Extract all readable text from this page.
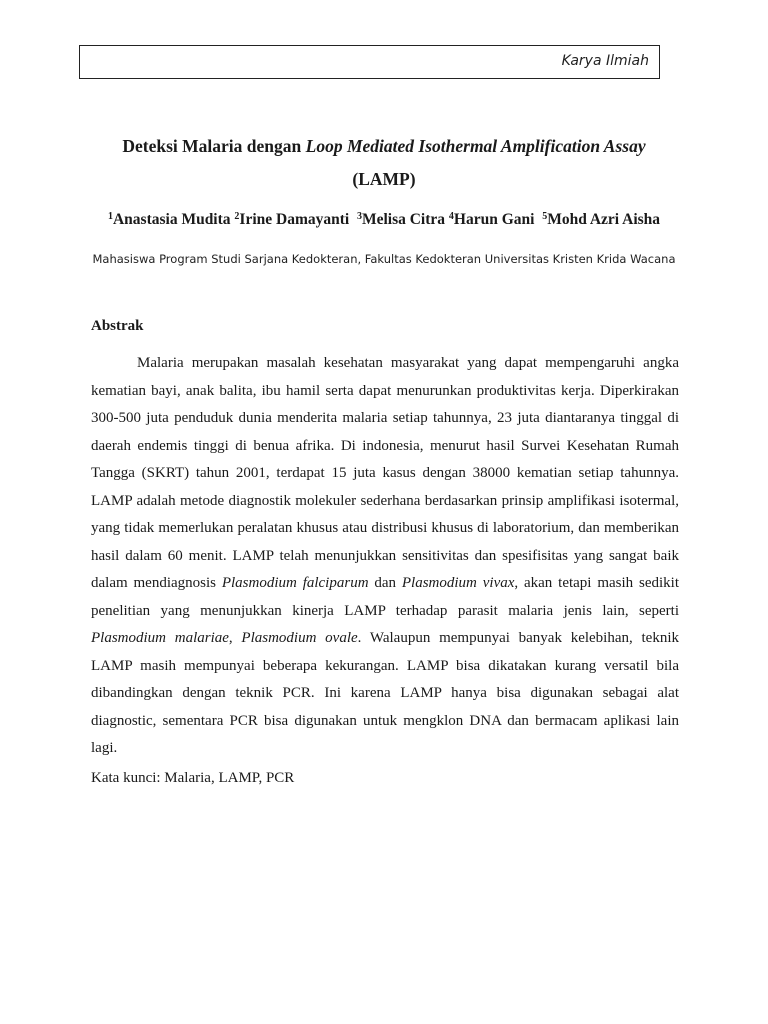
Karya Ilmiah
Deteksi Malaria dengan Loop Mediated Isothermal Amplification Assay
(LAMP)
$^1$Anastasia Mudita $^2$Irine Damayanti $^3$Melisa Citra $^4$Harun Gani $^5$Mohd Azri Aisha
Mahasiswa Program Studi Sarjana Kedokteran, Fakultas Kedokteran Universitas Kristen Krida Wacana
Abstrak

Malaria merupakan masalah kesehatan masyarakat yang dapat mempengaruhi angka kematian bayi, anak balita, ibu hamil serta dapat menurunkan produktivitas kerja. Diperkirakan 300-500 juta penduduk dunia menderita malaria setiap tahunnya, 23 juta diantaranya tinggal di daerah endemis tinggi di benua afrika. Di indonesia, menurut hasil Survei Kesehatan Rumah Tangga (SKRT) tahun 2001, terdapat 15 juta kasus dengan 38000 kematian setiap tahunnya. LAMP adalah metode diagnostik molekuler sederhana berdasarkan prinsip amplifikasi isotermal, yang tidak memerlukan peralatan khusus atau distribusi khusus di laboratorium, dan memberikan hasil dalam 60 menit. LAMP telah menunjukkan sensitivitas dan spesifisitas yang sangat baik dalam mendiagnosis Plasmodium falciparum dan Plasmodium vivax, akan tetapi masih sedikit penelitian yang menunjukkan kinerja LAMP terhadap parasit malaria jenis lain, seperti Plasmodium malariae, Plasmodium ovale. Walaupun mempunyai banyak kelebihan, teknik LAMP masih mempunyai beberapa kekurangan. LAMP bisa dikatakan kurang versatil bila dibandingkan dengan teknik PCR. Ini karena LAMP hanya bisa digunakan sebagai alat diagnostic, sementara PCR bisa digunakan untuk mengklon DNA dan bermacam aplikasi lain lagi.

Kata kunci: Malaria, LAMP, PCR
